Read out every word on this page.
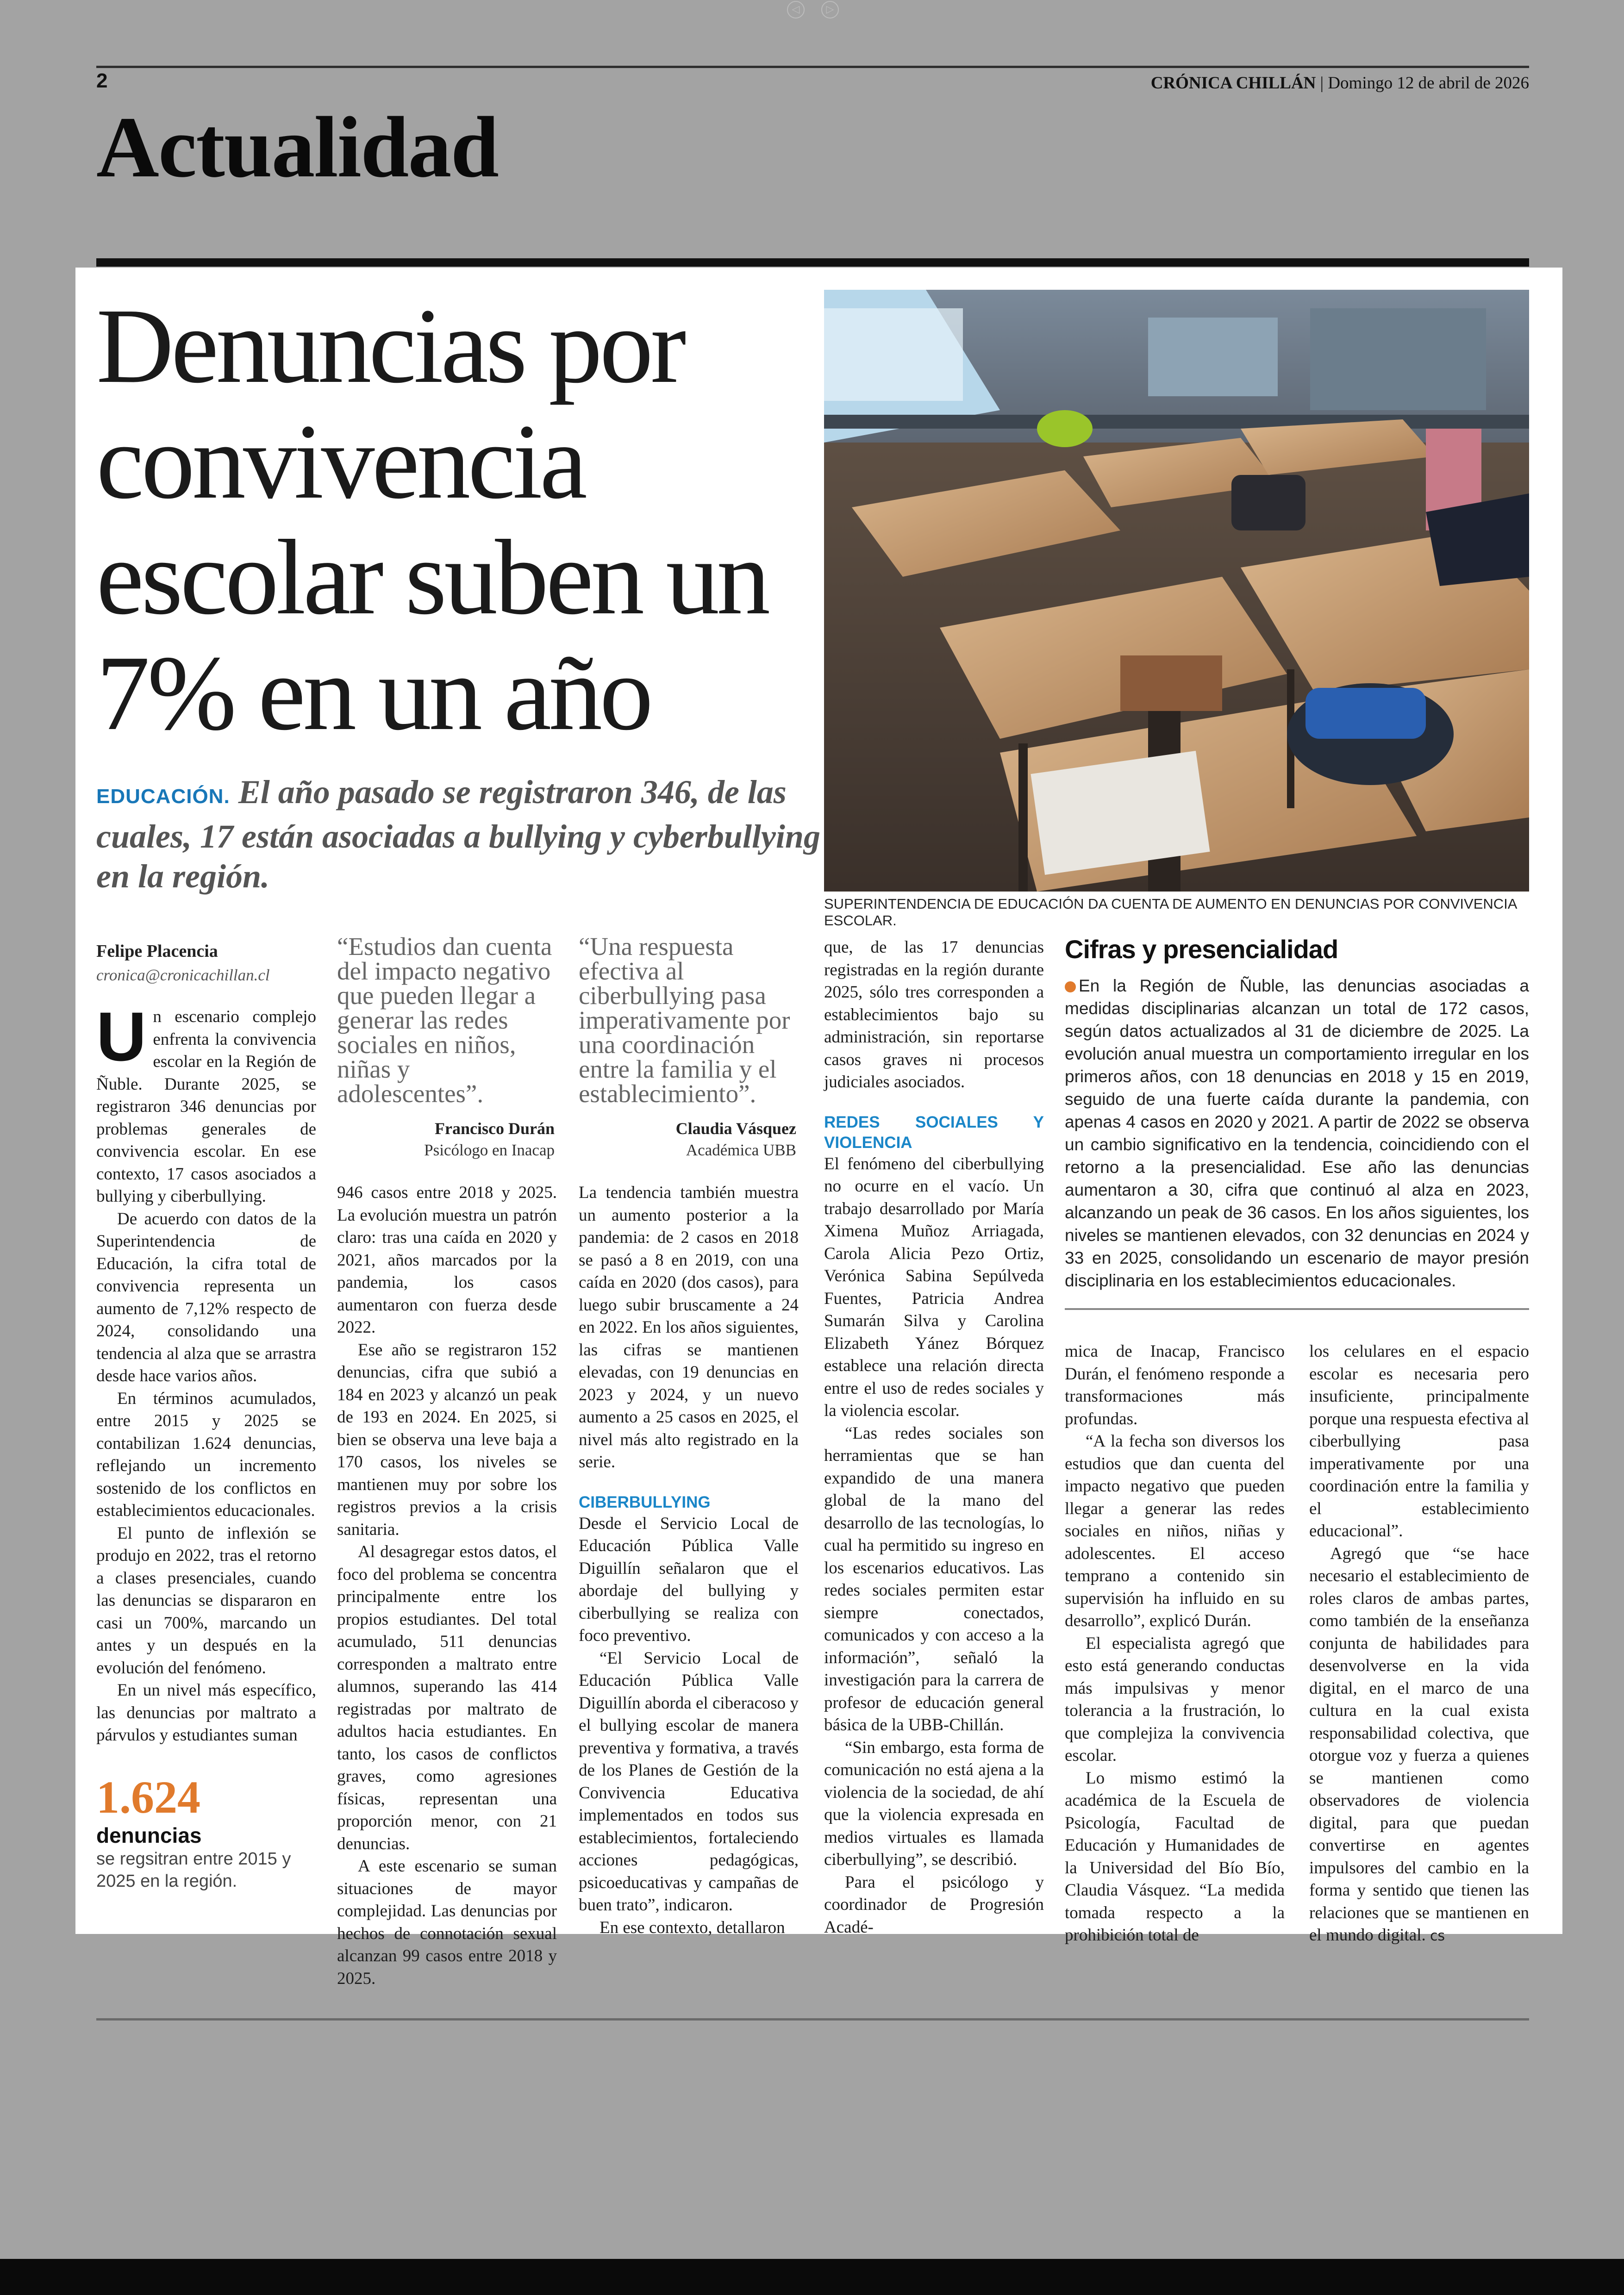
◁	▷
2	CRÓNICA CHILLÁN | Domingo 12 de abril de 2026
Actualidad
Denuncias por convivencia escolar suben un 7% en un año
EDUCACIÓN. El año pasado se registraron 346, de las cuales, 17 están asociadas a bullying y cyberbullying en la región.
SUPERINTENDENCIA DE EDUCACIÓN DA CUENTA DE AUMENTO EN DENUNCIAS POR CONVIVENCIA ESCOLAR.
Felipe Placencia
cronica@cronicachillan.cl

Un escenario complejo enfrenta la convivencia escolar en la Región de Ñuble. Durante 2025, se registraron 346 denuncias por problemas generales de convivencia escolar. En ese contexto, 17 casos asociados a bullying y ciberbullying.

De acuerdo con datos de la Superintendencia de Educación, la cifra total de convivencia representa un aumento de 7,12% respecto de 2024, consolidando una tendencia al alza que se arrastra desde hace varios años.

En términos acumulados, entre 2015 y 2025 se contabilizan 1.624 denuncias, reflejando un incremento sostenido de los conflictos en establecimientos educacionales.

El punto de inflexión se produjo en 2022, tras el retorno a clases presenciales, cuando las denuncias se dispararon en casi un 700%, marcando un antes y un después en la evolución del fenómeno.

En un nivel más específico, las denuncias por maltrato a párvulos y estudiantes suman

1.624
denuncias
se regsitran entre 2015 y 2025 en la región.
“Estudios dan cuenta del impacto negativo que pueden llegar a generar las redes sociales en niños, niñas y adolescentes”.
Francisco Durán
Psicólogo en Inacap

946 casos entre 2018 y 2025. La evolución muestra un patrón claro: tras una caída en 2020 y 2021, años marcados por la pandemia, los casos aumentaron con fuerza desde 2022.

Ese año se registraron 152 denuncias, cifra que subió a 184 en 2023 y alcanzó un peak de 193 en 2024. En 2025, si bien se observa una leve baja a 170 casos, los niveles se mantienen muy por sobre los registros previos a la crisis sanitaria.

Al desagregar estos datos, el foco del problema se concentra principalmente entre los propios estudiantes. Del total acumulado, 511 denuncias corresponden a maltrato entre alumnos, superando las 414 registradas por maltrato de adultos hacia estudiantes. En tanto, los casos de conflictos graves, como agresiones físicas, representan una proporción menor, con 21 denuncias.

A este escenario se suman situaciones de mayor complejidad. Las denuncias por hechos de connotación sexual alcanzan 99 casos entre 2018 y 2025.

“Una respuesta efectiva al ciberbullying pasa imperativamente por una coordinación entre la familia y el establecimiento”.
Claudia Vásquez
Académica UBB

La tendencia también muestra un aumento posterior a la pandemia: de 2 casos en 2018 se pasó a 8 en 2019, con una caída en 2020 (dos casos), para luego subir bruscamente a 24 en 2022. En los años siguientes, las cifras se mantienen elevadas, con 19 denuncias en 2023 y 2024, y un nuevo aumento a 25 casos en 2025, el nivel más alto registrado en la serie.

CIBERBULLYING

Desde el Servicio Local de Educación Pública Valle Diguillín señalaron que el abordaje del bullying y ciberbullying se realiza con foco preventivo.

“El Servicio Local de Educación Pública Valle Diguillín aborda el ciberacoso y el bullying escolar de manera preventiva y formativa, a través de los Planes de Gestión de la Convivencia Educativa implementados en todos sus establecimientos, fortaleciendo acciones pedagógicas, psicoeducativas y campañas de buen trato”, indicaron.

En ese contexto, detallaron

que, de las 17 denuncias registradas en la región durante 2025, sólo tres corresponden a establecimientos bajo su administración, sin reportarse casos graves ni procesos judiciales asociados.

REDES SOCIALES Y VIOLENCIA

El fenómeno del ciberbullying no ocurre en el vacío. Un trabajo desarrollado por María Ximena Muñoz Arriagada, Carola Alicia Pezo Ortiz, Verónica Sabina Sepúlveda Fuentes, Patricia Andrea Sumarán Silva y Carolina Elizabeth Yánez Bórquez establece una relación directa entre el uso de redes sociales y la violencia escolar.

“Las redes sociales son herramientas que se han expandido de una manera global de la mano del desarrollo de las tecnologías, lo cual ha permitido su ingreso en los escenarios educativos. Las redes sociales permiten estar siempre conectados, comunicados y con acceso a la información”, señaló la investigación para la carrera de profesor de educación general básica de la UBB-Chillán.

“Sin embargo, esta forma de comunicación no está ajena a la violencia de la sociedad, de ahí que la violencia expresada en medios virtuales es llamada ciberbullying”, se describió.

Para el psicólogo y coordinador de Progresión Acadé-

Cifras y presencialidad
En la Región de Ñuble, las denuncias asociadas a medidas disciplinarias alcanzan un total de 172 casos, según datos actualizados al 31 de diciembre de 2025. La evolución anual muestra un comportamiento irregular en los primeros años, con 18 denuncias en 2018 y 15 en 2019, seguido de una fuerte caída durante la pandemia, con apenas 4 casos en 2020 y 2021. A partir de 2022 se observa un cambio significativo en la tendencia, coincidiendo con el retorno a la presencialidad. Ese año las denuncias aumentaron a 30, cifra que continuó al alza en 2023, alcanzando un peak de 36 casos. En los años siguientes, los niveles se mantienen elevados, con 32 denuncias en 2024 y 33 en 2025, consolidando un escenario de mayor presión disciplinaria en los establecimientos educacionales.

mica de Inacap, Francisco Durán, el fenómeno responde a transformaciones más profundas.

“A la fecha son diversos los estudios que dan cuenta del impacto negativo que pueden llegar a generar las redes sociales en niños, niñas y adolescentes. El acceso temprano a contenido sin supervisión ha influido en su desarrollo”, explicó Durán.

El especialista agregó que esto está generando conductas más impulsivas y menor tolerancia a la frustración, lo que complejiza la convivencia escolar.

Lo mismo estimó la académica de la Escuela de Psicología, Facultad de Educación y Humanidades de la Universidad del Bío Bío, Claudia Vásquez. “La medida tomada respecto a la prohibición total de

los celulares en el espacio escolar es necesaria pero insuficiente, principalmente porque una respuesta efectiva al ciberbullying pasa imperativamente por una coordinación entre la familia y el establecimiento educacional”.

Agregó que “se hace necesario el establecimiento de roles claros de ambas partes, como también de la enseñanza conjunta de habilidades para desenvolverse en la vida digital, en el marco de una cultura en la cual exista responsabilidad colectiva, que otorgue voz y fuerza a quienes se mantienen como observadores de violencia digital, para que puedan convertirse en agentes impulsores del cambio en la forma y sentido que tienen las relaciones que se mantienen en el mundo digital. cs
